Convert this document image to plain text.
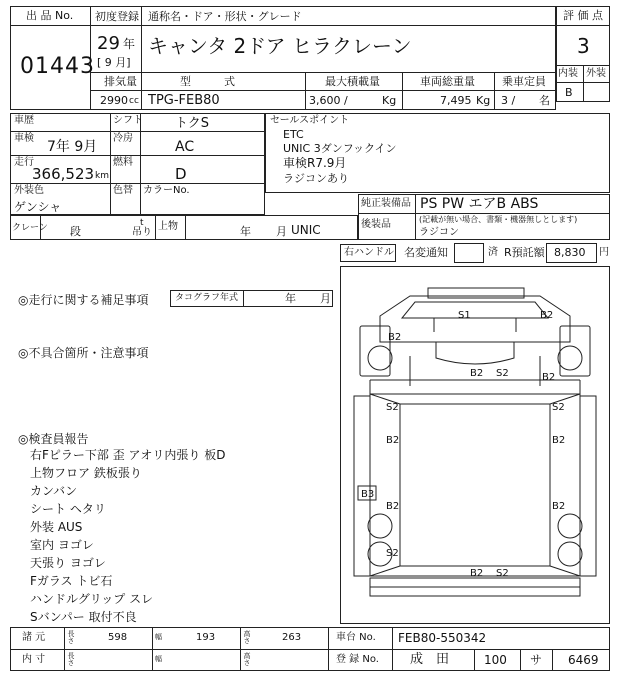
出 品 No.
01443
初度登録 通称名・ドア・形状・グレード
29 年
[ 9 月]
キャンタ 2ドア ヒラクレーン
排気量	型　　　式	最大積載量	車両総重量 乗車定員
2990 cc TPG-FEB80	3,600 /	Kg	7,495 Kg 3 / 名
評 価 点
3
内装 外装
B
車歴	シフト トクS
車検
7年 9月
冷房
AC
走行
366,523 km
燃料
D
外装色
ゲンシャ
色替 カラーNo.
セールスポイント
ETC
UNIC 3ダンフックイン
車検R7.9月
ラジコンあり
純正装備品 PS PW エアB ABS
後装品	(記載が無い場合、書類・機器無しとします)
ラジコン
クレーン 段
t
吊り
上物	年 月 UNIC
右ハンドル 名変通知	済 R預託額 8,830 円
◎走行に関する補足事項	タコグラフ年式	年 月
◎不具合箇所・注意事項
◎検査員報告
右Fピラー下部 歪 アオリ内張り 板D
上物フロア 鉄板張り
カンバン
シート ヘタリ
外装 AUS
室内 ヨゴレ
天張り ヨゴレ
Fガラス トビ石
ハンドルグリップ スレ
Sバンパー 取付不良
S1	B2
B2
B2 S2	B2
S2	S2
B2	B2
B3
B2	B2
S2
B2 S2
諸 元	長さ	598	幅	193	高さ	263	車台 No. FEB80-550342
内 寸	長さ	幅	高さ	登 録 No. 成　田	100 サ 6469
